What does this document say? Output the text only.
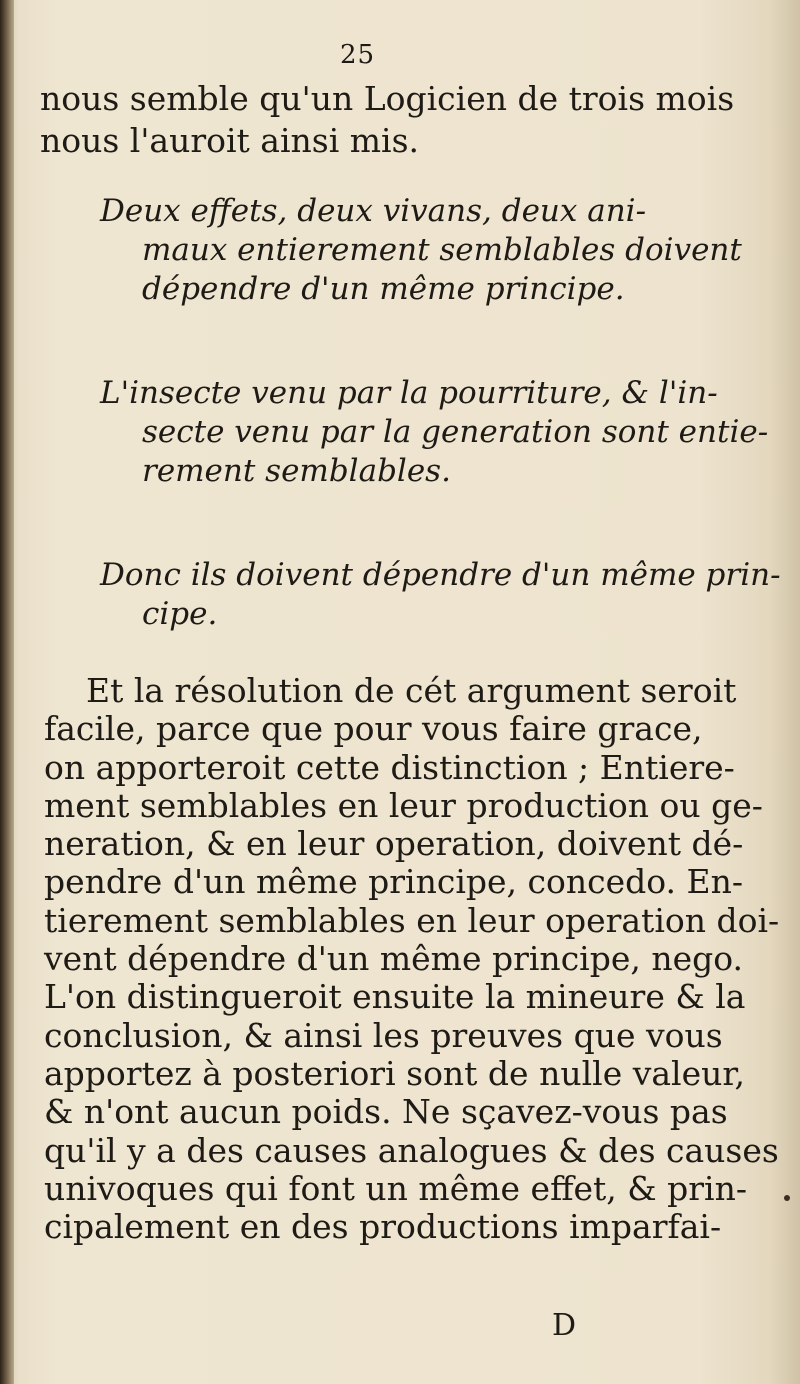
25
nous semble qu'un Logicien de trois mois
nous l'auroit ainsi mis.
Deux effets, deux vivans, deux ani-
maux entierement semblables doivent
dépendre d'un même principe.
L'insecte venu par la pourriture, & l'in-
secte venu par la generation sont entie-
rement semblables.
Donc ils doivent dépendre d'un même prin-
cipe.
Et la résolution de cét argument seroit
facile, parce que pour vous faire grace,
on apporteroit cette distinction ; Entiere-
ment semblables en leur production ou ge-
neration, & en leur operation, doivent dé-
pendre d'un même principe, concedo. En-
tierement semblables en leur operation doi-
vent dépendre d'un même principe, nego.
L'on distingueroit ensuite la mineure & la
conclusion, & ainsi les preuves que vous
apportez à posteriori sont de nulle valeur,
& n'ont aucun poids. Ne sçavez-vous pas
qu'il y a des causes analogues & des causes
univoques qui font un même effet, & prin-
cipalement en des productions imparfai-
D
